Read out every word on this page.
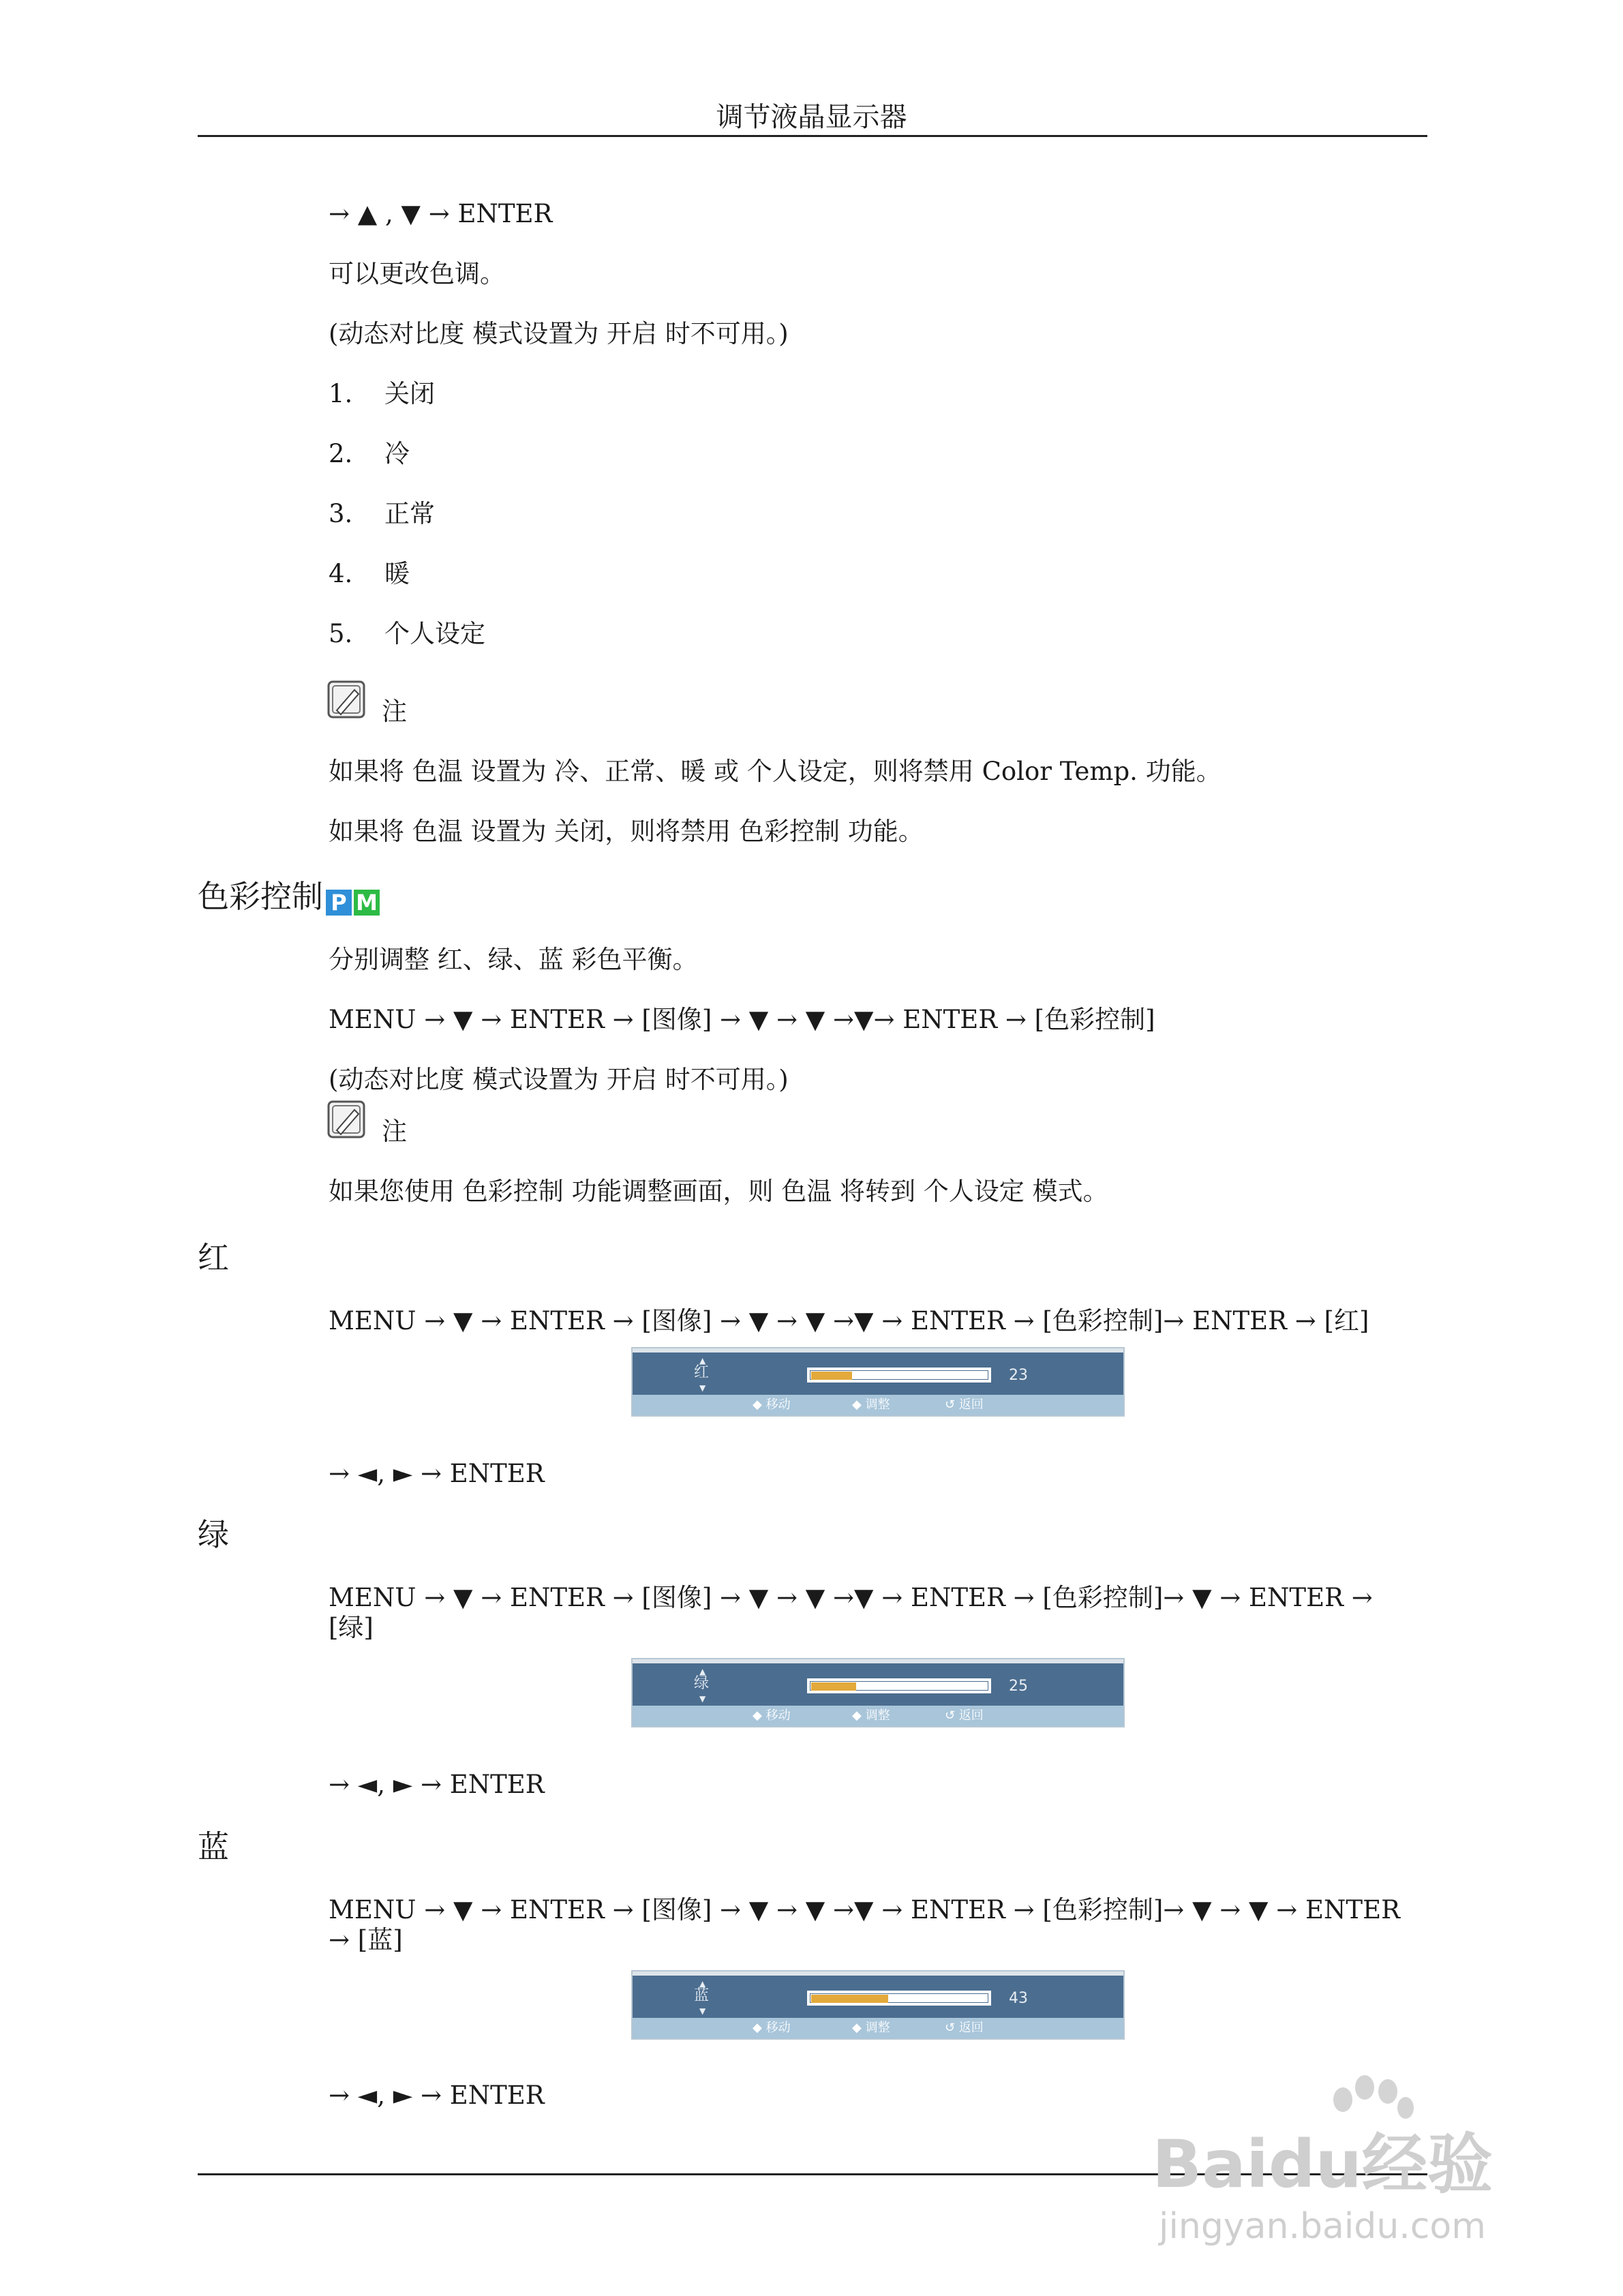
调节液晶显示器
→ ▲ , ▼ → ENTER
可以更改色调。
(动态对比度 模式设置为 开启 时不可用。)
1. 关闭
2. 冷
3. 正常
4. 暖
5. 个人设定
注
如果将 色温 设置为 冷、正常、暖 或 个人设定，则将禁用 Color Temp. 功能。
如果将 色温 设置为 关闭，则将禁用 色彩控制 功能。
色彩控制 P M
分别调整 红、绿、蓝 彩色平衡。
MENU → ▼ → ENTER → [图像] → ▼ → ▼ →▼→ ENTER → [色彩控制]
(动态对比度 模式设置为 开启 时不可用。)
注
如果您使用 色彩控制 功能调整画面，则 色温 将转到 个人设定 模式。
红
MENU → ▼ → ENTER → [图像] → ▼ → ▼ →▼ → ENTER → [色彩控制]→ ENTER → [红]
▲
红
▼
23
◆ 移动	◆ 调整	↺ 返回
→ ◄, ► → ENTER
绿
MENU → ▼ → ENTER → [图像] → ▼ → ▼ →▼ → ENTER → [色彩控制]→ ▼ → ENTER →
[绿]
▲
绿
▼
25
◆ 移动	◆ 调整	↺ 返回
→ ◄, ► → ENTER
蓝
MENU → ▼ → ENTER → [图像] → ▼ → ▼ →▼ → ENTER → [色彩控制]→ ▼ → ▼ → ENTER
→ [蓝]
▲
蓝
▼
43
◆ 移动	◆ 调整	↺ 返回
→ ◄, ► → ENTER
Baidu经验
jingyan.baidu.com
